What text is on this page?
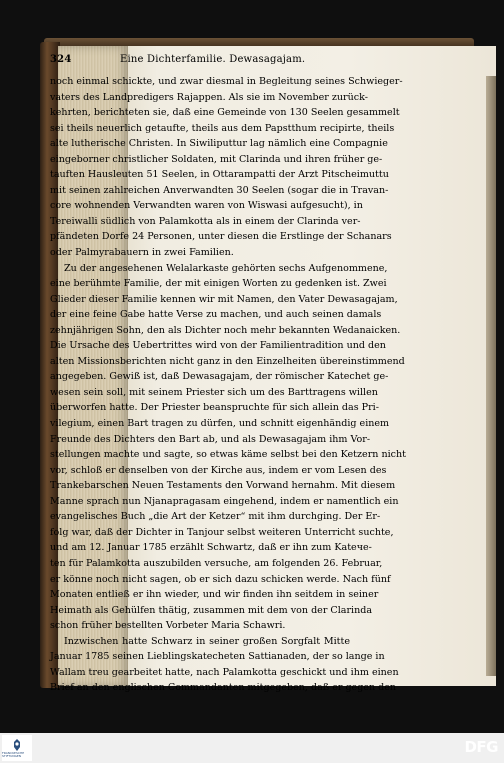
324	Eine Dichterfamilie. Dewasagajam.
noch einmal schickte, und zwar diesmal in Begleitung seines Schwieger-
vaters des Landpredigers Rajappen. Als sie im November zurück-
kehrten, berichteten sie, daß eine Gemeinde von 130 Seelen gesammelt
sei theils neuerlich getaufte, theils aus dem Papstthum recipirte, theils
alte lutherische Christen. In Siwiliputtur lag nämlich eine Compagnie
eingeborner christlicher Soldaten, mit Clarinda und ihren früher ge-
tauften Hausleuten 51 Seelen, in Ottarampatti der Arzt Pitscheimuttu
mit seinen zahlreichen Anverwandten 30 Seelen (sogar die in Travan-
core wohnenden Verwandten waren von Wiswasi aufgesucht), in
Tereiwalli südlich von Palamkotta als in einem der Clarinda ver-
pfändeten Dorfe 24 Personen, unter diesen die Erstlinge der Schanars
oder Palmyrabauern in zwei Familien.
Zu der angesehenen Welalarkaste gehörten sechs Aufgenommene,
eine berühmte Familie, der mit einigen Worten zu gedenken ist. Zwei
Glieder dieser Familie kennen wir mit Namen, den Vater Dewasagajam,
der eine feine Gabe hatte Verse zu machen, und auch seinen damals
zehnjährigen Sohn, den als Dichter noch mehr bekannten Wedanaicken.
Die Ursache des Uebertrittes wird von der Familientradition und den
alten Missionsberichten nicht ganz in den Einzelheiten übereinstimmend
angegeben. Gewiß ist, daß Dewasagajam, der römischer Katechet ge-
wesen sein soll, mit seinem Priester sich um des Barttragens willen
überworfen hatte. Der Priester beanspruchte für sich allein das Pri-
vilegium, einen Bart tragen zu dürfen, und schnitt eigenhändig einem
Freunde des Dichters den Bart ab, und als Dewasagajam ihm Vor-
stellungen machte und sagte, so etwas käme selbst bei den Ketzern nicht
vor, schloß er denselben von der Kirche aus, indem er vom Lesen des
Trankebarschen Neuen Testaments den Vorwand hernahm. Mit diesem
Manne sprach nun Njanapragasam eingehend, indem er namentlich ein
evangelisches Buch „die Art der Ketzer“ mit ihm durchging. Der Er-
folg war, daß der Dichter in Tanjour selbst weiteren Unterricht suchte,
und am 12. Januar 1785 erzählt Schwartz, daß er ihn zum Katече-
ten für Palamkotta auszubilden versuche, am folgenden 26. Februar,
er könne noch nicht sagen, ob er sich dazu schicken werde. Nach fünf
Monaten entließ er ihn wieder, und wir finden ihn seitdem in seiner
Heimath als Gehülfen thätig, zusammen mit dem von der Clarinda
schon früher bestellten Vorbeter Maria Schawri.
Inzwischen hatte Schwarz in seiner großen Sorgfalt Mitte
Januar 1785 seinen Lieblingskatecheten Sattianaden, der so lange in
Wallam treu gearbeitet hatte, nach Palamkotta geschickt und ihm einen
Brief an den englischen Commandanten mitgegeben, daß er gegen den
FRANCKESCHE STIFTUNGEN	DFG
